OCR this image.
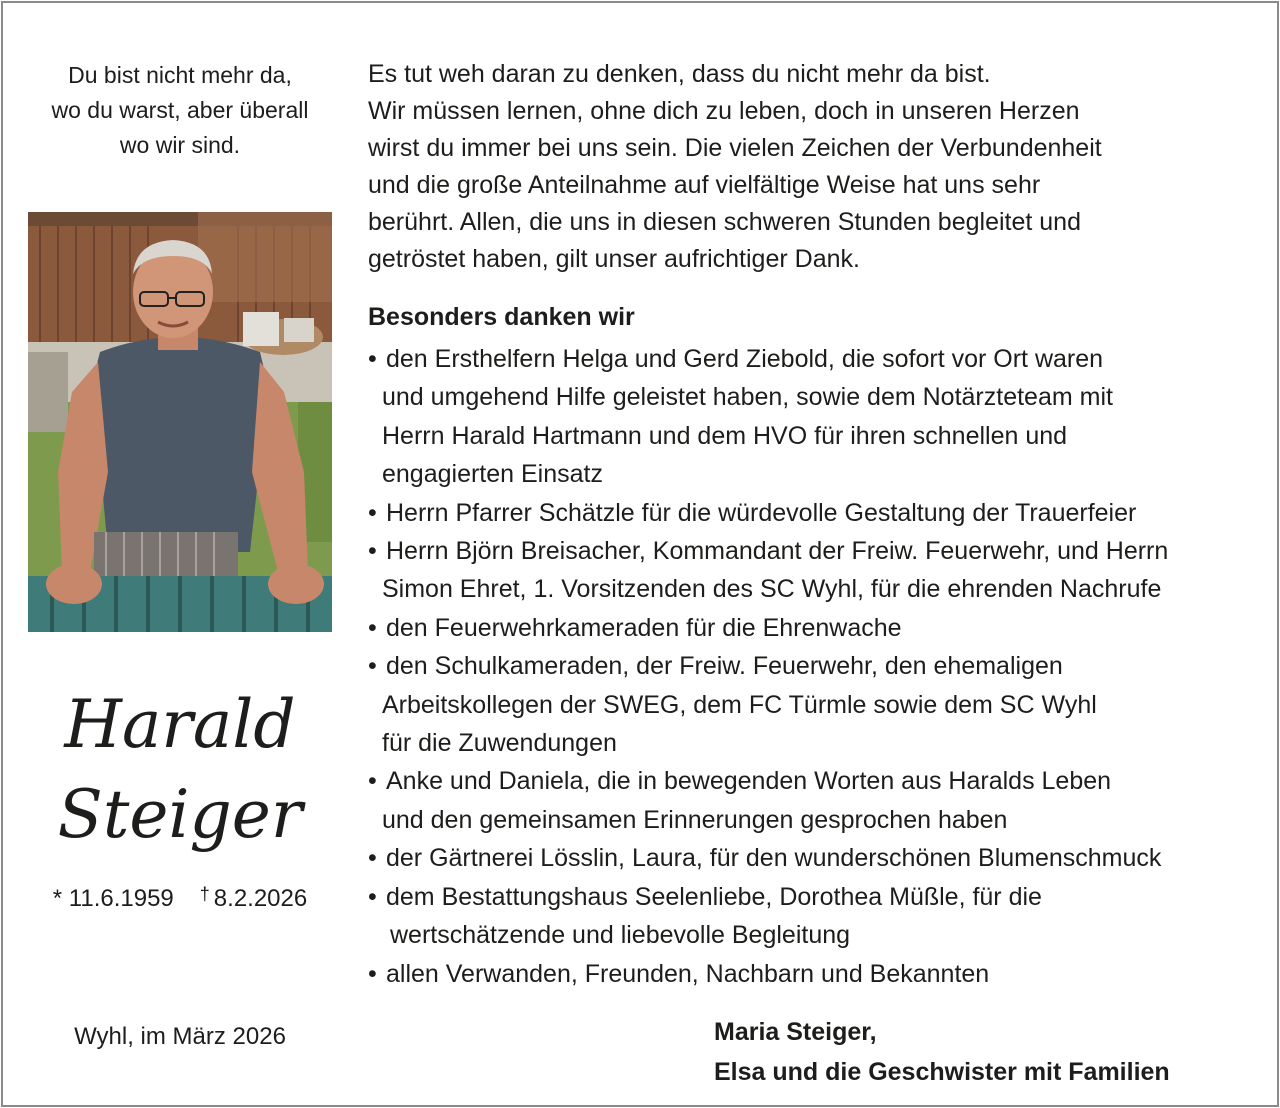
Du bist nicht mehr da,
wo du warst, aber überall
wo wir sind.
Harald
Steiger
* 11.6.1959 † 8.2.2026
Wyhl, im März 2026
Es tut weh daran zu denken, dass du nicht mehr da bist.
Wir müssen lernen, ohne dich zu leben, doch in unseren Herzen
wirst du immer bei uns sein. Die vielen Zeichen der Verbundenheit
und die große Anteilnahme auf vielfältige Weise hat uns sehr
berührt. Allen, die uns in diesen schweren Stunden begleitet und
getröstet haben, gilt unser aufrichtiger Dank.
Besonders danken wir
• den Ersthelfern Helga und Gerd Ziebold, die sofort vor Ort waren
und umgehend Hilfe geleistet haben, sowie dem Notärzteteam mit
Herrn Harald Hartmann und dem HVO für ihren schnellen und
engagierten Einsatz
• Herrn Pfarrer Schätzle für die würdevolle Gestaltung der Trauerfeier
• Herrn Björn Breisacher, Kommandant der Freiw. Feuerwehr, und Herrn
Simon Ehret, 1. Vorsitzenden des SC Wyhl, für die ehrenden Nachrufe
• den Feuerwehrkameraden für die Ehrenwache
• den Schulkameraden, der Freiw. Feuerwehr, den ehemaligen
Arbeitskollegen der SWEG, dem FC Türmle sowie dem SC Wyhl
für die Zuwendungen
• Anke und Daniela, die in bewegenden Worten aus Haralds Leben
und den gemeinsamen Erinnerungen gesprochen haben
• der Gärtnerei Lösslin, Laura, für den wunderschönen Blumenschmuck
• dem Bestattungshaus Seelenliebe, Dorothea Müßle, für die
wertschätzende und liebevolle Begleitung
• allen Verwanden, Freunden, Nachbarn und Bekannten
Maria Steiger,
Elsa und die Geschwister mit Familien
